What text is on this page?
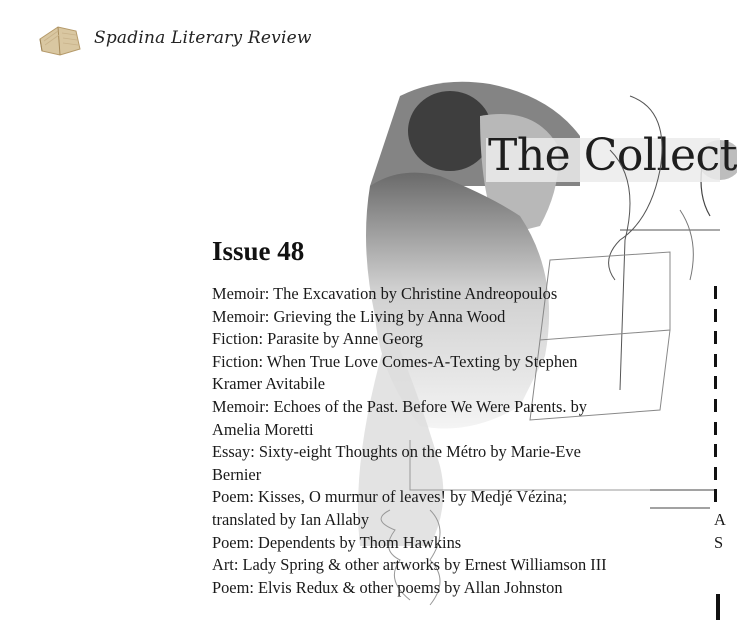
Spadina Literary Review
The Collect
Issue 48
Memoir: The Excavation by Christine Andreopoulos
Memoir: Grieving the Living by Anna Wood
Fiction: Parasite by Anne Georg
Fiction: When True Love Comes-A-Texting by Stephen
Kramer Avitabile
Memoir: Echoes of the Past. Before We Were Parents. by
Amelia Moretti
Essay: Sixty-eight Thoughts on the Métro by Marie-Eve
Bernier
Poem: Kisses, O murmur of leaves! by Medjé Vézina;
translated by Ian Allaby
Poem: Dependents by Thom Hawkins
Art: Lady Spring & other artworks by Ernest Williamson III
Poem: Elvis Redux & other poems by Allan Johnston
A
S
